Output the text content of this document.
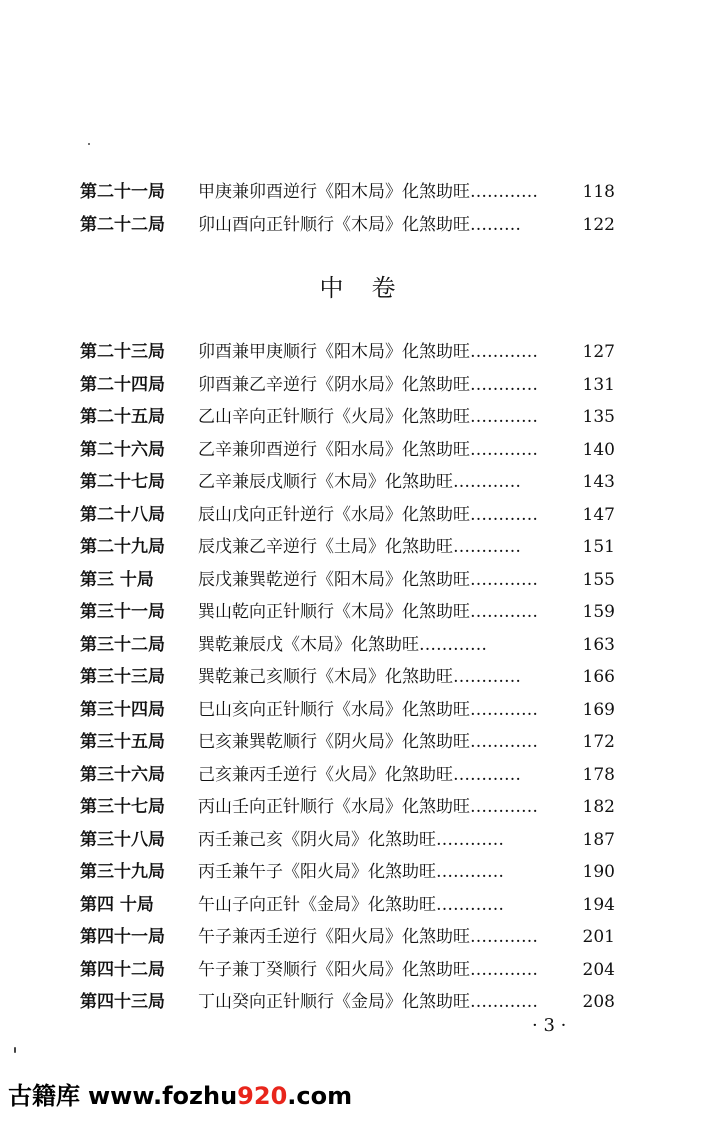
第二十一局 甲庚兼卯酉逆行《阳木局》化煞助旺…………	118
第二十二局 卯山酉向正针顺行《木局》化煞助旺………	122
中卷
第二十三局 卯酉兼甲庚顺行《阳木局》化煞助旺…………	127
第二十四局 卯酉兼乙辛逆行《阴水局》化煞助旺…………	131
第二十五局 乙山辛向正针顺行《火局》化煞助旺…………	135
第二十六局 乙辛兼卯酉逆行《阳水局》化煞助旺…………	140
第二十七局 乙辛兼辰戊顺行《木局》化煞助旺…………	143
第二十八局 辰山戊向正针逆行《水局》化煞助旺…………	147
第二十九局 辰戊兼乙辛逆行《土局》化煞助旺…………	151
第三 十局	辰戊兼巽乾逆行《阳木局》化煞助旺…………	155
第三十一局 巽山乾向正针顺行《木局》化煞助旺…………	159
第三十二局 巽乾兼辰戊《木局》化煞助旺…………	163
第三十三局 巽乾兼己亥顺行《木局》化煞助旺…………	166
第三十四局 巳山亥向正针顺行《水局》化煞助旺…………	169
第三十五局 巳亥兼巽乾顺行《阴火局》化煞助旺…………	172
第三十六局 己亥兼丙壬逆行《火局》化煞助旺…………	178
第三十七局 丙山壬向正针顺行《水局》化煞助旺…………	182
第三十八局 丙壬兼己亥《阴火局》化煞助旺…………	187
第三十九局 丙壬兼午子《阳火局》化煞助旺…………	190
第四 十局	午山子向正针《金局》化煞助旺…………	194
第四十一局 午子兼丙壬逆行《阳火局》化煞助旺…………	201
第四十二局 午子兼丁癸顺行《阳火局》化煞助旺…………	204
第四十三局 丁山癸向正针顺行《金局》化煞助旺…………	208
· 3 ·
古籍库 www.fozhu920.com
